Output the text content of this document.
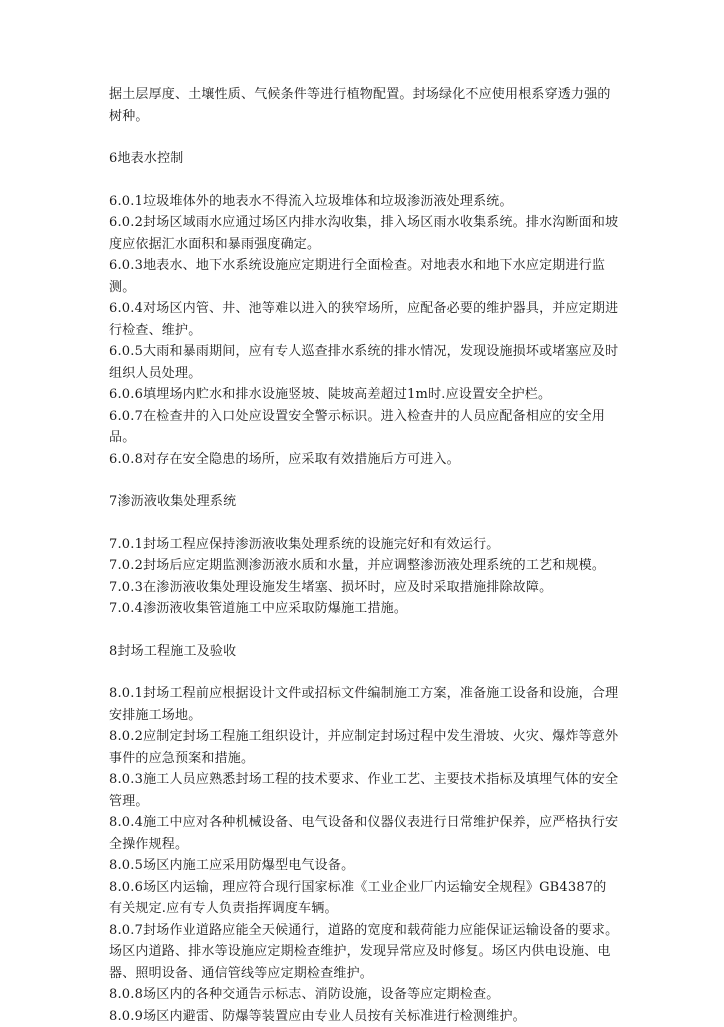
据土层厚度、土壤性质、气候条件等进行植物配置。封场绿化不应使用根系穿透力强的树种。

6地表水控制

6.0.1垃圾堆体外的地表水不得流入垃圾堆体和垃圾渗沥液处理系统。

6.0.2封场区域雨水应通过场区内排水沟收集，排入场区雨水收集系统。排水沟断面和坡度应依据汇水面积和暴雨强度确定。

6.0.3地表水、地下水系统设施应定期进行全面检查。对地表水和地下水应定期进行监测。

6.0.4对场区内管、井、池等难以进入的狭窄场所，应配备必要的维护器具，并应定期进行检查、维护。

6.0.5大雨和暴雨期间，应有专人巡查排水系统的排水情况，发现设施损坏或堵塞应及时组织人员处理。

6.0.6填埋场内贮水和排水设施竖坡、陡坡高差超过1m时.应设置安全护栏。

6.0.7在检查井的入口处应设置安全警示标识。进入检查井的人员应配备相应的安全用品。

6.0.8对存在安全隐患的场所，应采取有效措施后方可进入。

7渗沥液收集处理系统

7.0.1封场工程应保持渗沥液收集处理系统的设施完好和有效运行。

7.0.2封场后应定期监测渗沥液水质和水量，并应调整渗沥液处理系统的工艺和规模。

7.0.3在渗沥液收集处理设施发生堵塞、损坏时，应及时采取措施排除故障。

7.0.4渗沥液收集管道施工中应采取防爆施工措施。

8封场工程施工及验收

8.0.1封场工程前应根据设计文件或招标文件编制施工方案，准备施工设备和设施，合理安排施工场地。

8.0.2应制定封场工程施工组织设计，并应制定封场过程中发生滑坡、火灾、爆炸等意外事件的应急预案和措施。

8.0.3施工人员应熟悉封场工程的技术要求、作业工艺、主要技术指标及填埋气体的安全管理。

8.0.4施工中应对各种机械设备、电气设备和仪器仪表进行日常维护保养，应严格执行安全操作规程。

8.0.5场区内施工应采用防爆型电气设备。

8.0.6场区内运输，理应符合现行国家标准《工业企业厂内运输安全规程》GB4387的有关规定.应有专人负责指挥调度车辆。

8.0.7封场作业道路应能全天候通行，道路的宽度和载荷能力应能保证运输设备的要求。场区内道路、排水等设施应定期检查维护，发现异常应及时修复。场区内供电设施、电器、照明设备、通信管线等应定期检查维护。

8.0.8场区内的各种交通告示标志、消防设施，设备等应定期检查。

8.0.9场区内避雷、防爆等装置应由专业人员按有关标准进行检测维护。
